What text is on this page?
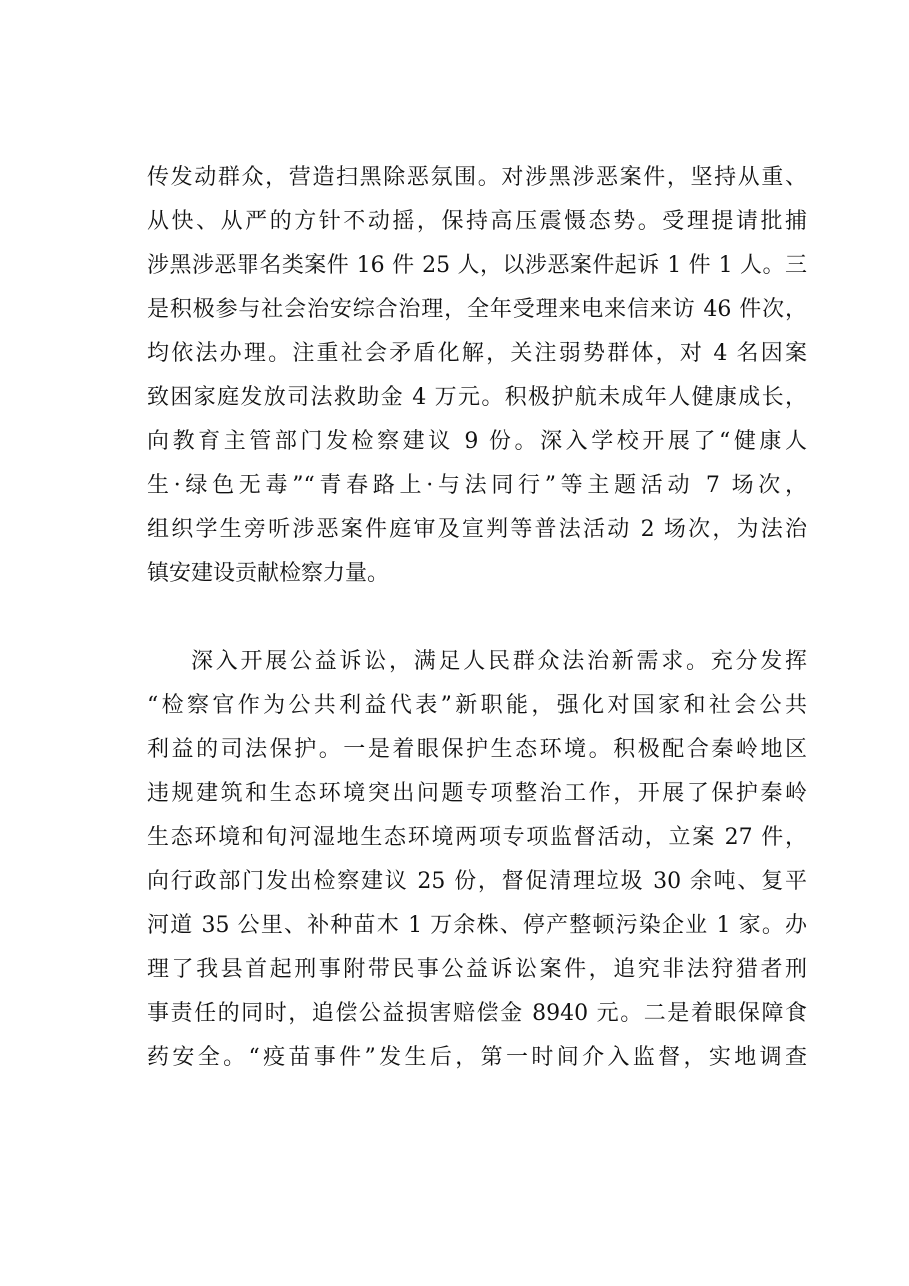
传发动群众，营造扫黑除恶氛围。对涉黑涉恶案件，坚持从重、
从快、从严的方针不动摇，保持高压震慑态势。受理提请批捕
涉黑涉恶罪名类案件 16 件 25 人，以涉恶案件起诉 1 件 1 人。三
是积极参与社会治安综合治理，全年受理来电来信来访 46 件次，
均依法办理。注重社会矛盾化解，关注弱势群体，对 4 名因案
致困家庭发放司法救助金 4 万元。积极护航未成年人健康成长，
向教育主管部门发检察建议 9 份。深入学校开展了“健康人
生·绿色无毒”“青春路上·与法同行”等主题活动 7 场次，
组织学生旁听涉恶案件庭审及宣判等普法活动 2 场次，为法治
镇安建设贡献检察力量。
深入开展公益诉讼，满足人民群众法治新需求。充分发挥
“检察官作为公共利益代表”新职能，强化对国家和社会公共
利益的司法保护。一是着眼保护生态环境。积极配合秦岭地区
违规建筑和生态环境突出问题专项整治工作，开展了保护秦岭
生态环境和旬河湿地生态环境两项专项监督活动，立案 27 件，
向行政部门发出检察建议 25 份，督促清理垃圾 30 余吨、复平
河道 35 公里、补种苗木 1 万余株、停产整顿污染企业 1 家。办
理了我县首起刑事附带民事公益诉讼案件，追究非法狩猎者刑
事责任的同时，追偿公益损害赔偿金 8940 元。二是着眼保障食
药安全。“疫苗事件”发生后，第一时间介入监督，实地调查
